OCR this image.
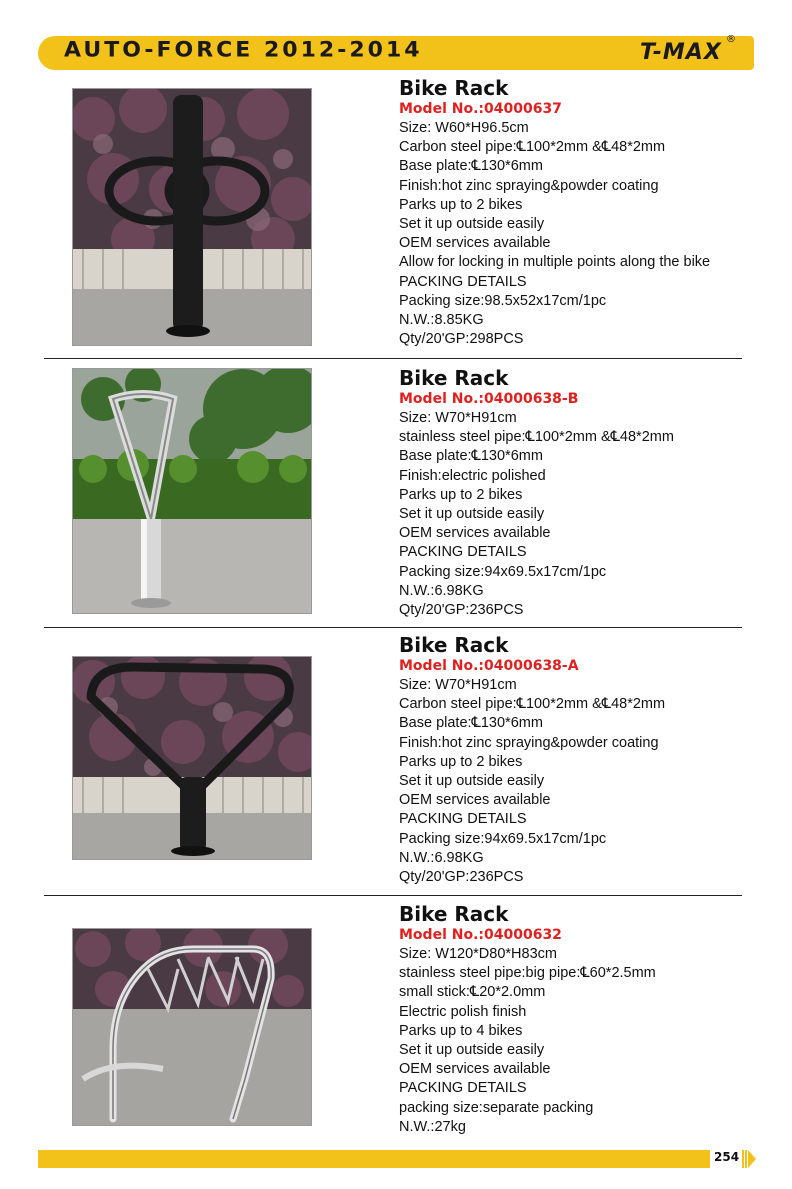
AUTO-FORCE 2012-2014	T-MAX
®
Bike Rack
Model No.:04000637
Size: W60*H96.5cm
Carbon steel pipe:℄100*2mm &℄48*2mm
Base plate:℄130*6mm
Finish:hot zinc spraying&powder coating
Parks up to 2 bikes
Set it up outside easily
OEM services available
Allow for locking in multiple points along the bike
PACKING DETAILS
Packing size:98.5x52x17cm/1pc
N.W.:8.85KG
Qty/20'GP:298PCS
Bike Rack
Model No.:04000638-B
Size: W70*H91cm
stainless steel pipe:℄100*2mm &℄48*2mm
Base plate:℄130*6mm
Finish:electric polished
Parks up to 2 bikes
Set it up outside easily
OEM services available
PACKING DETAILS
Packing size:94x69.5x17cm/1pc
N.W.:6.98KG
Qty/20'GP:236PCS
Bike Rack
Model No.:04000638-A
Size: W70*H91cm
Carbon steel pipe:℄100*2mm &℄48*2mm
Base plate:℄130*6mm
Finish:hot zinc spraying&powder coating
Parks up to 2 bikes
Set it up outside easily
OEM services available
PACKING DETAILS
Packing size:94x69.5x17cm/1pc
N.W.:6.98KG
Qty/20'GP:236PCS
Bike Rack
Model No.:04000632
Size: W120*D80*H83cm
stainless steel pipe:big pipe:℄60*2.5mm
small stick:℄20*2.0mm
Electric polish finish
Parks up to 4 bikes
Set it up outside easily
OEM services available
PACKING DETAILS
packing size:separate packing
N.W.:27kg
254
